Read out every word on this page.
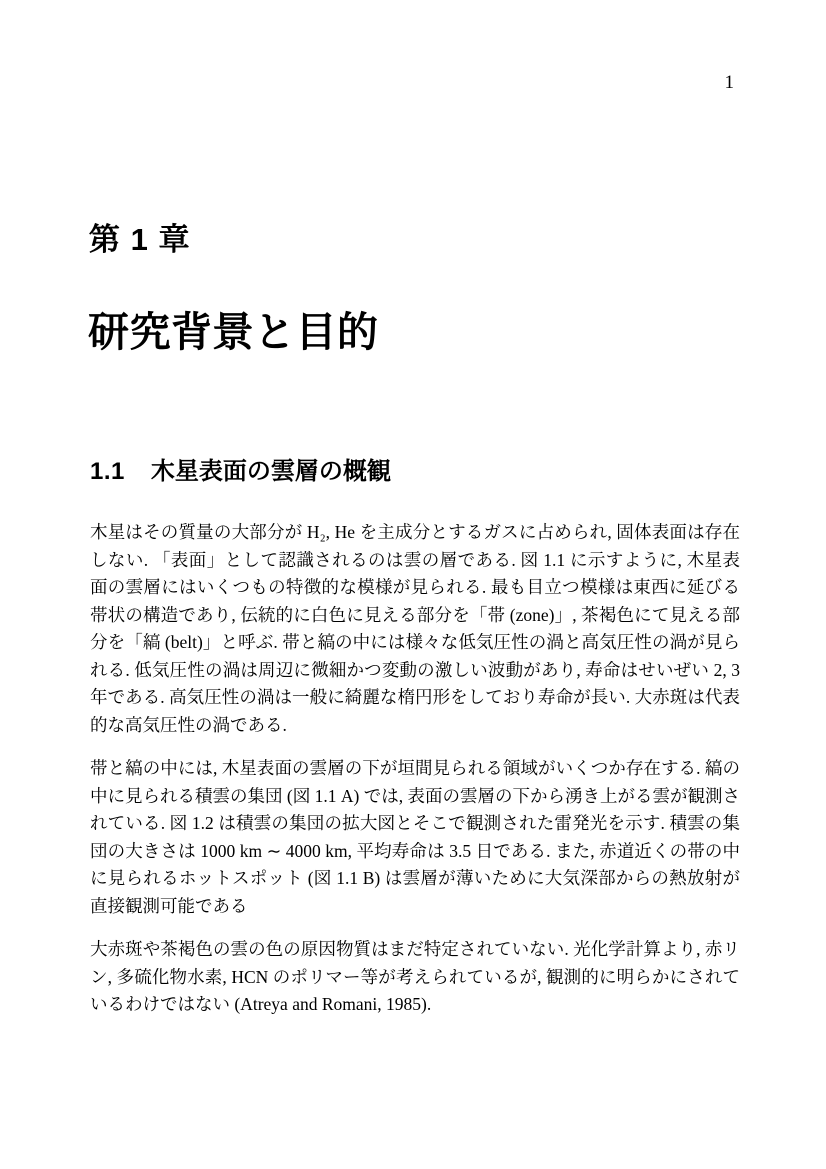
1
第 1 章
研究背景と目的
1.1 木星表面の雲層の概観

木星はその質量の大部分が H₂, He を主成分とするガスに占められ, 固体表面は存在しない. 「表面」として認識されるのは雲の層である. 図 1.1 に示すように, 木星表面の雲層にはいくつもの特徴的な模様が見られる. 最も目立つ模様は東西に延びる帯状の構造であり, 伝統的に白色に見える部分を「帯 (zone)」, 茶褐色にて見える部分を「縞 (belt)」と呼ぶ. 帯と縞の中には様々な低気圧性の渦と高気圧性の渦が見られる. 低気圧性の渦は周辺に微細かつ変動の激しい波動があり, 寿命はせいぜい 2, 3 年である. 高気圧性の渦は一般に綺麗な楕円形をしており寿命が長い. 大赤斑は代表的な高気圧性の渦である.

帯と縞の中には, 木星表面の雲層の下が垣間見られる領域がいくつか存在する. 縞の中に見られる積雲の集団 (図 1.1 A) では, 表面の雲層の下から湧き上がる雲が観測されている. 図 1.2 は積雲の集団の拡大図とそこで観測された雷発光を示す. 積雲の集団の大きさは 1000 km ∼ 4000 km, 平均寿命は 3.5 日である. また, 赤道近くの帯の中に見られるホットスポット (図 1.1 B) は雲層が薄いために大気深部からの熱放射が直接観測可能である

大赤斑や茶褐色の雲の色の原因物質はまだ特定されていない. 光化学計算より, 赤リン, 多硫化物水素, HCN のポリマー等が考えられているが, 観測的に明らかにされているわけではない (Atreya and Romani, 1985).
